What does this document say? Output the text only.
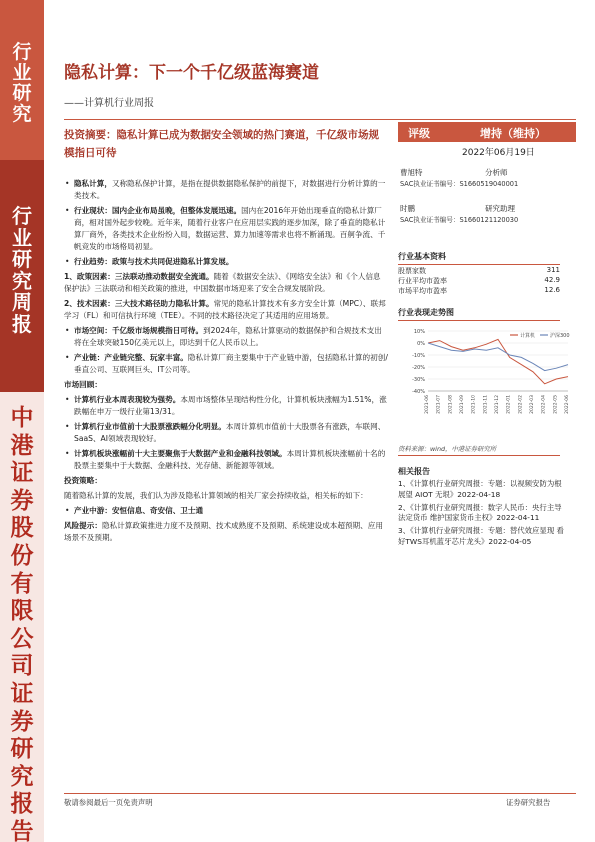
行
业
研
究
行
业
研
究
周
报
中
港
证
券
股
份
有
限
公
司
证
券
研
究
报
告
隐私计算：下一个千亿级蓝海赛道
——计算机行业周报
投资摘要：隐私计算已成为数据安全领域的热门赛道，千亿级市场规模指日可待

• 隐私计算，又称隐私保护计算，是指在提供数据隐私保护的前提下，对数据进行分析计算的一类技术。

• 行业现状：国内企业布局虽晚，但整体发展迅速。国内在2016年开始出现垂直的隐私计算厂商，相对国外起步较晚。近年来，随着行业客户在应用层实践的逐步加深，除了垂直的隐私计算厂商外，各类技术企业纷纷入局，数据运营、算力加速等需求也将不断涌现。百舸争流、千帆竞发的市场格局初显。

• 行业趋势：政策与技术共同促进隐私计算发展。

1、政策因素：三法联动推动数据安全流通。随着《数据安全法》、《网络安全法》和《个人信息保护法》三法联动和相关政策的推进，中国数据市场迎来了安全合规发展阶段。

2、技术因素：三大技术路径助力隐私计算。常见的隐私计算技术有多方安全计算（MPC）、联邦学习（FL）和可信执行环境（TEE）。不同的技术路径决定了其适用的应用场景。

• 市场空间：千亿级市场规模指日可待。到2024年，隐私计算驱动的数据保护和合规技术支出将在全球突破150亿美元以上，即达到千亿人民币以上。

• 产业链：产业链完整、玩家丰富。隐私计算厂商主要集中于产业链中游，包括隐私计算的初创/垂直公司、互联网巨头、IT公司等。

市场回顾：

• 计算机行业本周表现较为强势。本周市场整体呈现结构性分化，计算机板块涨幅为1.51%，涨跌幅在申万一级行业第13/31。

• 计算机行业市值前十大股票涨跌幅分化明显。本周计算机市值前十大股票各有涨跌，车联网、SaaS、AI领域表现较好。

• 计算机板块涨幅前十大主要聚焦于大数据产业和金融科技领域。本周计算机板块涨幅前十名的股票主要集中于大数据、金融科技、光存储、新能源等领域。

投资策略：

随着隐私计算的发展，我们认为涉及隐私计算领域的相关厂家会持续收益，相关标的如下：

• 产业中游：安恒信息、奇安信、卫士通

风险提示：隐私计算政策推进力度不及预期、技术成熟度不及预期、系统建设成本超预期、应用场景不及预期。

评级	增持（维持）
2022年06月19日
曹旭特	分析师
SAC执业证书编号：S1660519040001
时鹏	研究助理
SAC执业证书编号：S1660121120030
行业基本资料
股票家数	311
行业平均市盈率	42.9
市场平均市盈率	12.6
行业表现走势图
10%
0%
-10%
-20%
-30%
-40%
2021-06 2021-07 2021-08 2021-09 2021-10 2021-11 2021-12 2022-01 2022-02 2022-03 2022-04 2022-05 2022-06
计算机	沪深300
资料来源：wind，中港证券研究所
相关报告
1、《计算机行业研究周报：专题：以视频安防为根 展望 AIOT 无垠》2022-04-18
2、《计算机行业研究周报：数字人民币：央行主导法定货币 维护国家货币主权》2022-04-11
3、《计算机行业研究周报：专题：替代效应显现 看好TWS耳机蓝牙芯片龙头》2022-04-05
敬请参阅最后一页免责声明	证券研究报告
